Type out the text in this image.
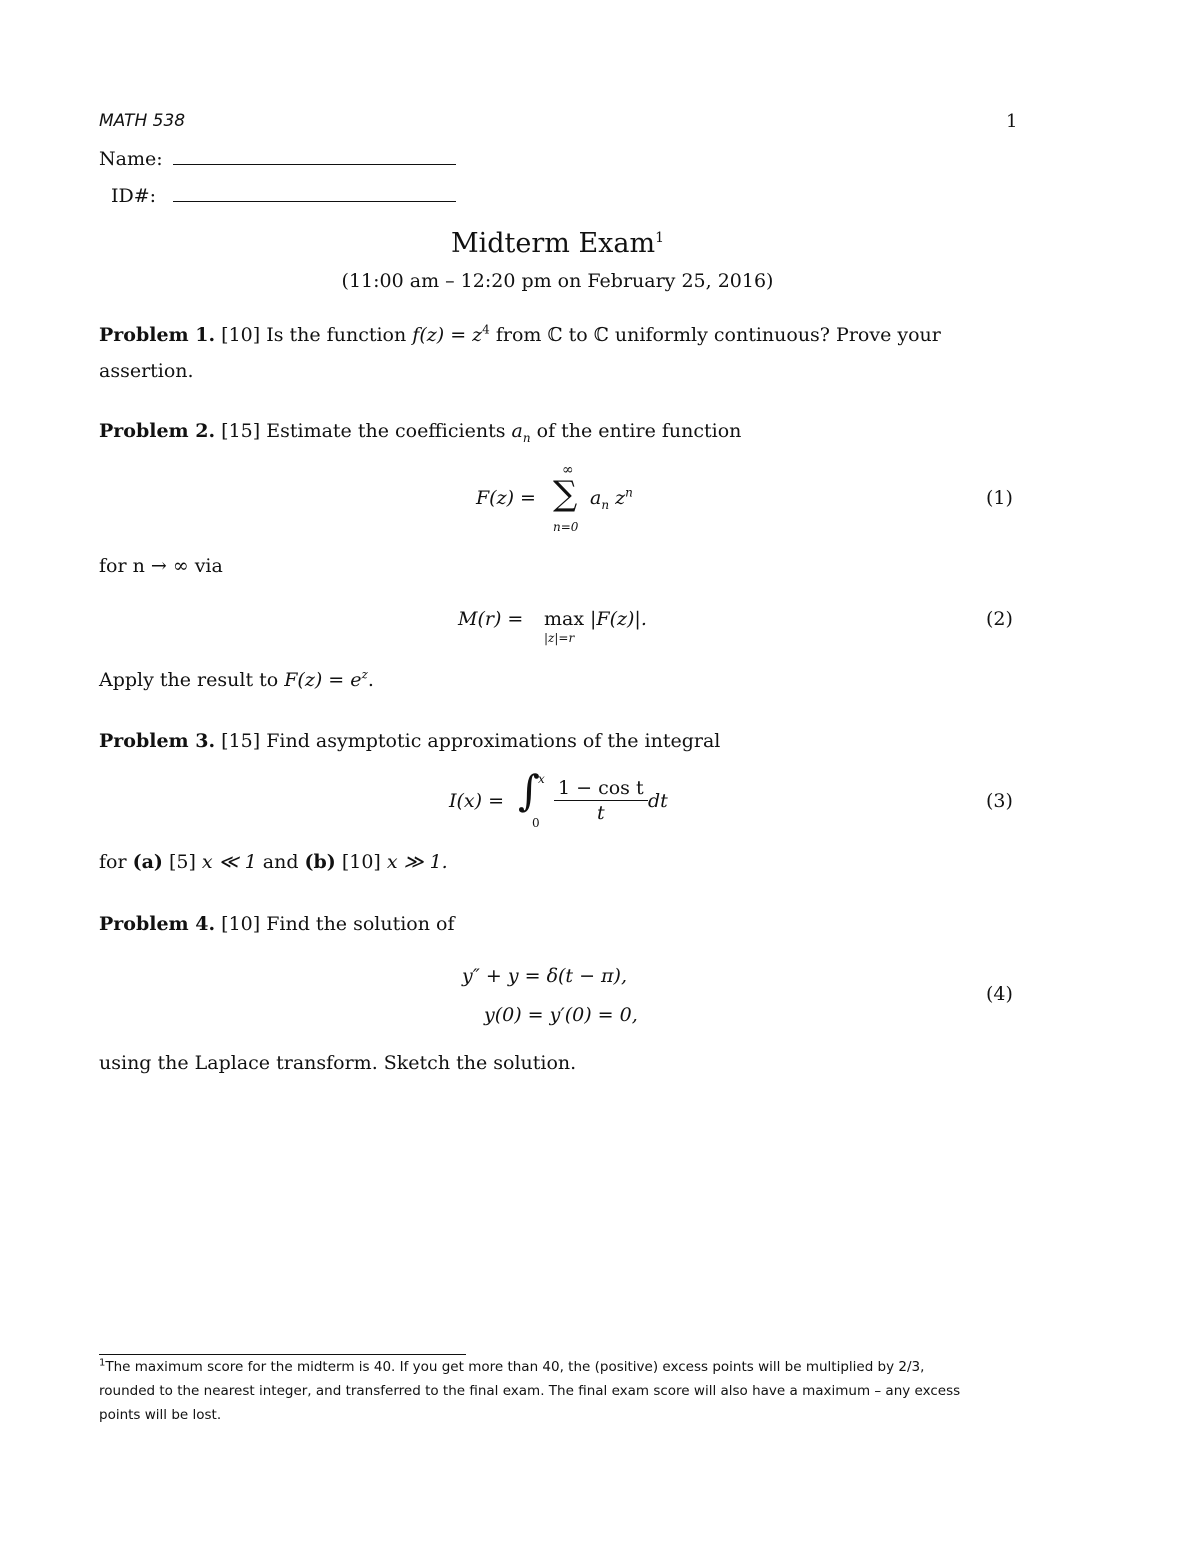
MATH 538	1
Name:
ID#:
Midterm Exam$^1$
(11:00 am – 12:20 pm on February 25, 2016)
Problem 1. [10] Is the function $f(z) = z^4$ from ℂ to ℂ uniformly continuous? Prove your
assertion.
Problem 2. [15] Estimate the coefficients $a_n$ of the entire function
F(z) =
∞
∑
n=0
$a_n$ $z^n$	(1)
for n → ∞ via
M(r) = max
|z|=r
|F(z)|.	(2)
Apply the result to $F(z) = e^z$.
Problem 3. [15] Find asymptotic approximations of the integral
I(x) = ∫
x
$0 \frac{\text{1 − cos t}}{t}$ dt	(3)
for (a) [5] x ≪ 1 and (b) [10] x ≫ 1.
Problem 4. [10] Find the solution of
y″ + y = δ(t − π),
y(0) = y′(0) = 0,
(4)
using the Laplace transform. Sketch the solution.
$^1$The maximum score for the midterm is 40. If you get more than 40, the (positive) excess points will be multiplied by 2/3,
rounded to the nearest integer, and transferred to the final exam. The final exam score will also have a maximum – any excess
points will be lost.
